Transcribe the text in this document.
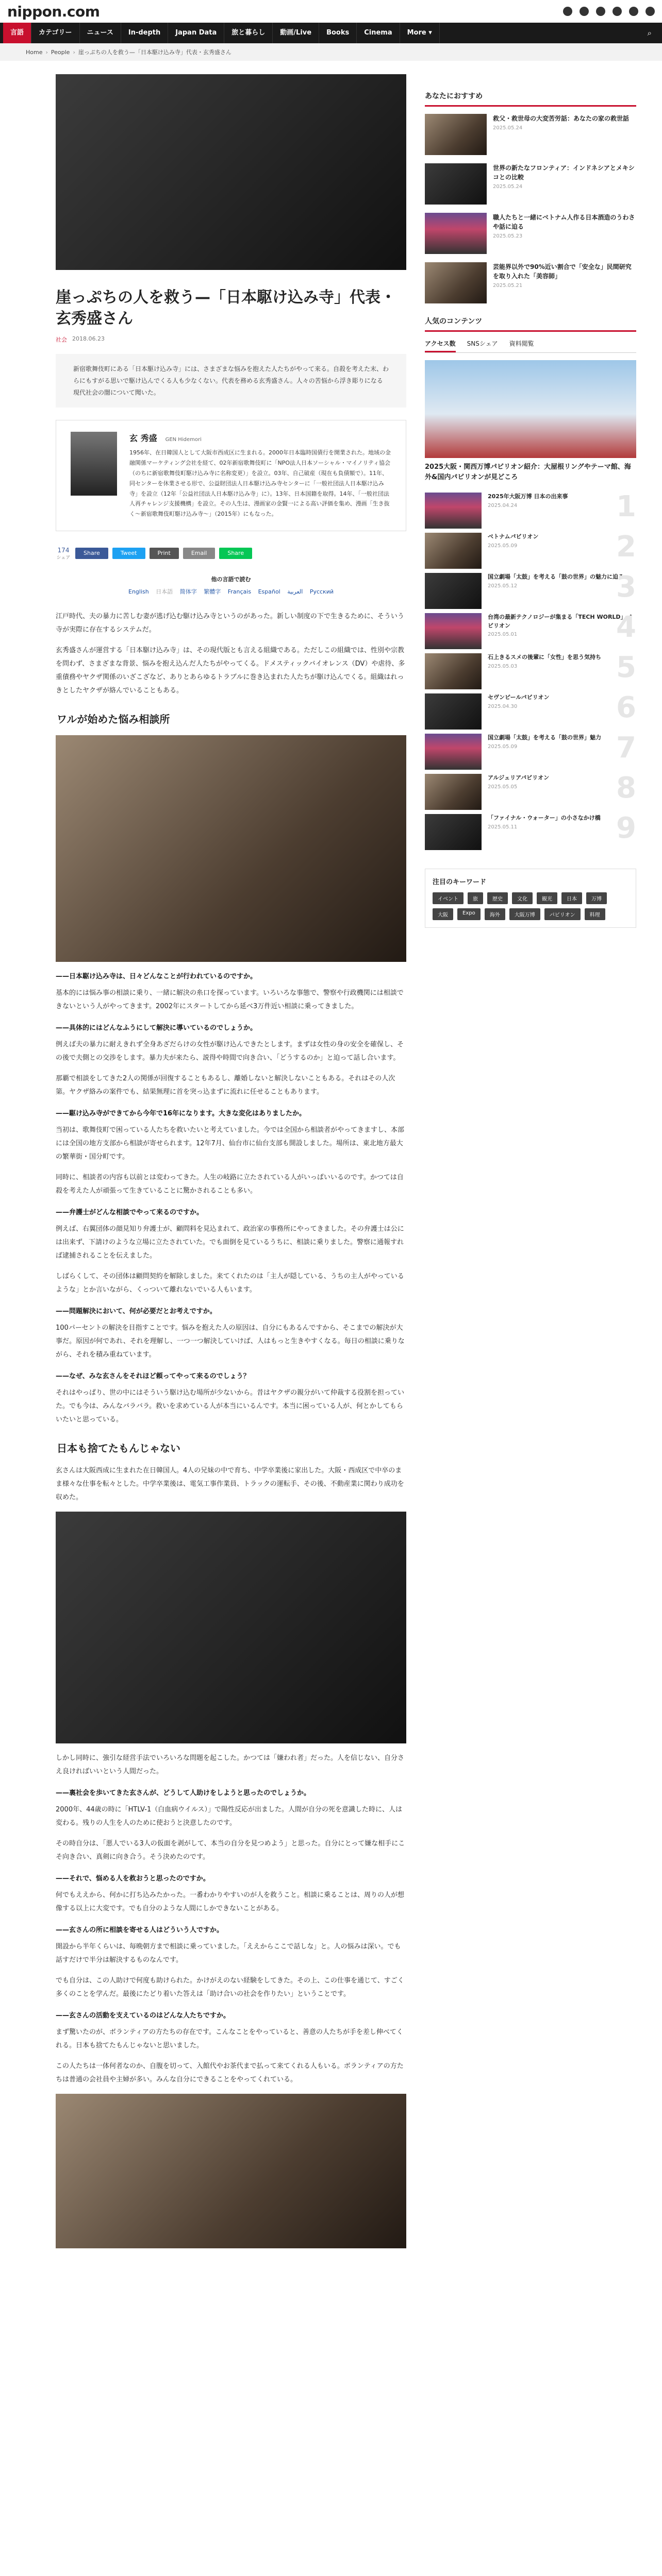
nippon.com
言語	カテゴリー	ニュース	In-depth	Japan Data	旅と暮らし	動画/Live	Books	Cinema	More ▾	⌕
Home › People › 崖っぷちの人を救う—「日本駆け込み寺」代表・玄秀盛さん
崖っぷちの人を救う—「日本駆け込み寺」代表・玄秀盛さん
社会 2018.06.23
新宿歌舞伎町にある「日本駆け込み寺」には、さまざまな悩みを抱えた人たちがやって来る。自殺を考えた末、わらにもすがる思いで駆け込んでくる人も少なくない。代表を務める玄秀盛さん。人々の苦悩から浮き彫りになる現代社会の闇について聞いた。
玄 秀盛 GEN Hidemori
1956年、在日韓国人として大阪市西成区に生まれる。2000年日本臨時国債行を開業された。地域の金融関係マーケティング会社を経て、02年新宿歌舞伎町に「NPO法人日本ソーシャル・マイノリティ協会（のちに新宿歌舞伎町駆け込み寺に名称変更）」を設立。03年、自己破産（現在も負債額で）。11年、同センターを休業させる形で、公益財団法人日本駆け込み寺センターに「一般社団法人日本駆け込み寺」を設立（12年「公益社団法人日本駆け込み寺」に）。13年、日本国籍を取得。14年、「一般社団法人再チャレンジ支援機構」を設立。その人生は、漫画家の金賢一による高い評価を集め、漫画「生き抜く〜新宿歌舞伎町駆け込み寺〜」（2015年）にもなった。
174
シェア
Share	Tweet	Print	Email	Share
他の言語で読む
English 日本語 简体字 繁體字 Français Español العربية Русский

江戸時代、夫の暴力に苦しむ妻が逃げ込む駆け込み寺というのがあった。新しい制度の下で生きるために、そういう寺が実際に存在するシステムだ。

玄秀盛さんが運営する「日本駆け込み寺」は、その現代版とも言える組織である。ただしこの組織では、性別や宗教を問わず、さまざまな背景、悩みを抱え込んだ人たちがやってくる。ドメスティックバイオレンス（DV）や虐待、多重債務やヤクザ関係のいざこざなど、ありとあらゆるトラブルに巻き込まれた人たちが駆け込んでくる。組織はれっきとしたヤクザが絡んでいることもある。

ワルが始めた悩み相談所

——日本駆け込み寺は、日々どんなことが行われているのですか。

基本的には悩み事の相談に乗り、一緒に解決の糸口を探っています。いろいろな事態で、警察や行政機関には相談できないという人がやってきます。2002年にスタートしてから延べ3万件近い相談に乗ってきました。

——具体的にはどんなふうにして解決に導いているのでしょうか。

例えば夫の暴力に耐えきれず全身あざだらけの女性が駆け込んできたとします。まずは女性の身の安全を確保し、その後で夫側との交渉をします。暴力夫が来たら、説得や時間で向き合い、「どうするのか」と迫って話し合います。

那覇で相談をしてきた2人の関係が回復することもあるし、離婚しないと解決しないこともある。それはその人次第。ヤクザ絡みの案件でも、結果無理に首を突っ込まずに流れに任せることもあります。

——駆け込み寺ができてから今年で16年になります。大きな変化はありましたか。

当初は、歌舞伎町で困っている人たちを救いたいと考えていました。今では全国から相談者がやってきますし、本部には全国の地方支部から相談が寄せられます。12年7月、仙台市に仙台支部も開設しました。場所は、東北地方最大の繁華街・国分町です。

同時に、相談者の内容も以前とは変わってきた。人生の岐路に立たされている人がいっぱいいるのです。かつては自殺を考えた人が頑張って生きていることに驚かされることも多い。

——弁護士がどんな相談でやって来るのですか。

例えば、右翼団体の顔見知り弁護士が、顧問料を見込まれて、政治家の事務所にやってきました。その弁護士は公には出来ず、下請けのような立場に立たされていた。でも面倒を見ているうちに、相談に乗りました。警察に通報すれば逮捕されることを伝えました。

しばらくして、その団体は顧問契約を解除しました。来てくれたのは「主人が隠している、うちの主人がやっているような」とか言いながら、くっついて離れないでいる人もいます。

——問題解決において、何が必要だとお考えですか。

100パーセントの解決を目指すことです。悩みを抱えた人の原因は、自分にもあるんですから、そこまでの解決が大事だ。原因が何であれ、それを理解し、一つ一つ解決していけば、人はもっと生きやすくなる。毎日の相談に乗りながら、それを積み重ねています。

——なぜ、みな玄さんをそれほど頼ってやって来るのでしょう？

それはやっぱり、世の中にはそういう駆け込む場所が少ないから。昔はヤクザの親分がいて仲裁する役割を担っていた。でも今は、みんなバラバラ。救いを求めている人が本当にいるんです。本当に困っている人が、何とかしてもらいたいと思っている。

日本も捨てたもんじゃない

玄さんは大阪西成に生まれた在日韓国人。4人の兄妹の中で育ち、中学卒業後に家出した。大阪・西成区で中卒のまま様々な仕事を転々とした。中学卒業後は、電気工事作業員、トラックの運転手、その後、不動産業に関わり成功を収めた。

しかし同時に、強引な経営手法でいろいろな問題を起こした。かつては「嫌われ者」だった。人を信じない、自分さえ良ければいいという人間だった。

——裏社会を歩いてきた玄さんが、どうして人助けをしようと思ったのでしょうか。

2000年、44歳の時に「HTLV-1（白血病ウイルス）」で陽性反応が出ました。人間が自分の死を意識した時に、人は変わる。残りの人生を人のために使おうと決意したのです。

その時自分は、「悪人でいる3人の仮面を剥がして、本当の自分を見つめよう」と思った。自分にとって嫌な相手にこそ向き合い、真剣に向き合う。そう決めたのです。

——それで、悩める人を救おうと思ったのですか。

何でもええから、何かに打ち込みたかった。一番わかりやすいのが人を救うこと。相談に乗ることは、周りの人が想像する以上に大変です。でも自分のような人間にしかできないことがある。

——玄さんの所に相談を寄せる人はどういう人ですか。

開設から半年くらいは、毎晩朝方まで相談に乗っていました。「ええからここで話しな」と。人の悩みは深い。でも話すだけで半分は解決するものなんです。

でも自分は、この人助けで何度も助けられた。かけがえのない経験をしてきた。その上、この仕事を通じて、すごく多くのことを学んだ。最後にたどり着いた答えは「助け合いの社会を作りたい」ということです。

——玄さんの活動を支えているのはどんな人たちですか。

まず驚いたのが、ボランティアの方たちの存在です。こんなことをやっていると、善意の人たちが手を差し伸べてくれる。日本も捨てたもんじゃないと思いました。

この人たちは一体何者なのか、自腹を切って、入館代やお茶代まで払って来てくれる人もいる。ボランティアの方たちは普通の会社員や主婦が多い。みんな自分にできることをやってくれている。

あなたにおすすめ
救父・救世母の大変苦労話：あなたの家の救世話
2025.05.24
世界の新たなフロンティア：インドネシアとメキシコとの比較
2025.05.24
職人たちと一緒にベトナム人作る日本酒造のうわさや話に迫る
2025.05.23
芸能界以外で90%近い割合で「安全な」民間研究を取り入れた「美容師」
2025.05.21
人気のコンテンツ
アクセス数 SNSシェア 資料閲覧
2025大阪・関西万博パビリオン紹介：大屋根リングやテーマ館、海外&国内パビリオンが見どころ
2025年大阪万博 日本の出来事
2025.04.24	1
ベトナムパビリオン
2025.05.09	2
国立劇場「太鼓」を考える「鼓の世界」の魅力に迫る
2025.05.12	3
台湾の最新テクノロジーが集まる「TECH WORLD」パビリオン
2025.05.01	4
石上きるスメの後輩に「女性」を思う気持ち
2025.05.03	5
セヴンビールパビリオン
2025.04.30	6
国立劇場「太鼓」を考える「鼓の世界」魅力
2025.05.09	7
アルジェリアパビリオン
2025.05.05	8
「ファイナル・ウォーター」の小さなかけ橋
2025.05.11	9
注目のキーワード
イベント	旅	歴史	文化	観光	日本	万博
大阪	Expo	海外	大阪万博	パビリオン	料理
